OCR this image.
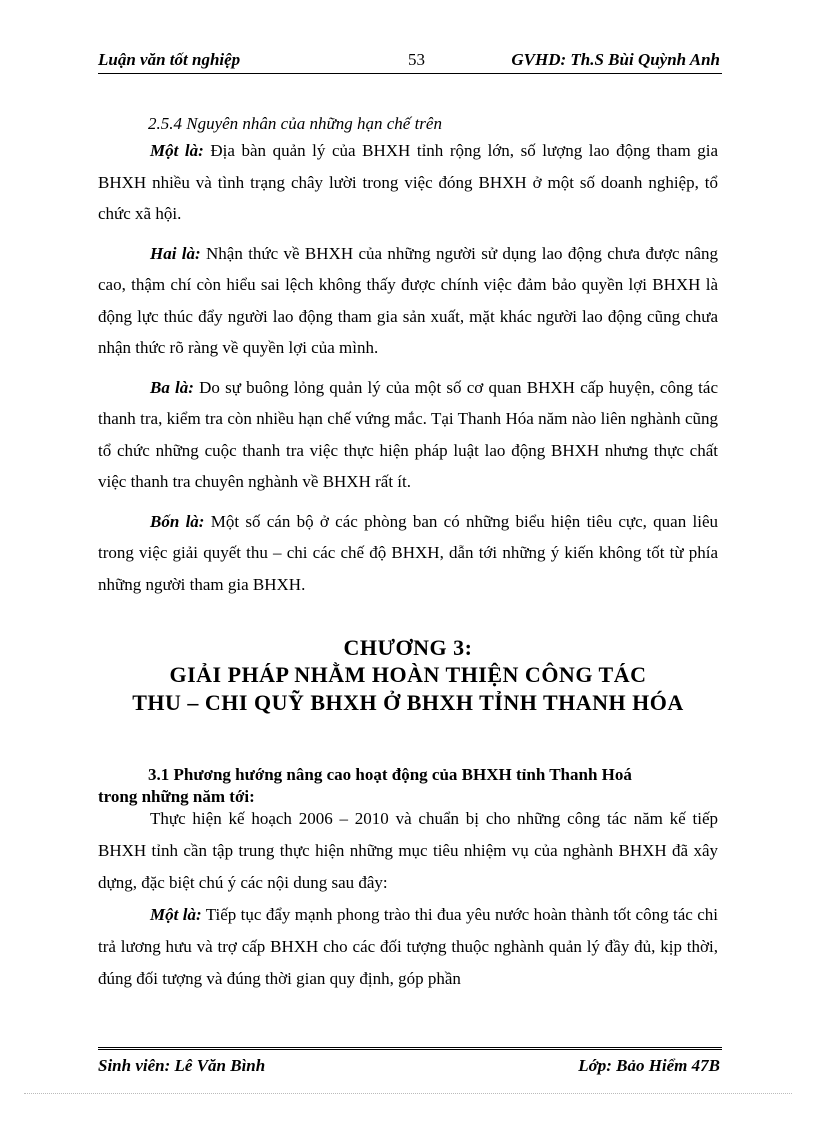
Luận văn tốt nghiệp	53	GVHD: Th.S Bùi Quỳnh Anh

2.5.4 Nguyên nhân của những hạn chế trên

Một là: Địa bàn quản lý của BHXH tỉnh rộng lớn, số lượng lao động tham gia BHXH nhiều và tình trạng chây lười trong việc đóng BHXH ở một số doanh nghiệp, tổ chức xã hội.

Hai là: Nhận thức về BHXH của những người sử dụng lao động chưa được nâng cao, thậm chí còn hiểu sai lệch không thấy được chính việc đảm bảo quyền lợi BHXH là động lực thúc đẩy người lao động tham gia sản xuất, mặt khác người lao động cũng chưa nhận thức rõ ràng về quyền lợi của mình.

Ba là: Do sự buông lỏng quản lý của một số cơ quan BHXH cấp huyện, công tác thanh tra, kiểm tra còn nhiều hạn chế vứng mắc. Tại Thanh Hóa năm nào liên nghành cũng tổ chức những cuộc thanh tra việc thực hiện pháp luật lao động BHXH nhưng thực chất việc thanh tra chuyên nghành về BHXH rất ít.

Bốn là: Một số cán bộ ở các phòng ban có những biểu hiện tiêu cực, quan liêu trong việc giải quyết thu – chi các chế độ BHXH, dẫn tới những ý kiến không tốt từ phía những người tham gia BHXH.

CHƯƠNG 3:
GIẢI PHÁP NHẰM HOÀN THIỆN CÔNG TÁC
THU – CHI QUỸ BHXH Ở BHXH TỈNH THANH HÓA
3.1 Phương hướng nâng cao hoạt động của BHXH tỉnh Thanh Hoá
trong những năm tới:

Thực hiện kế hoạch 2006 – 2010 và chuẩn bị cho những công tác năm kế tiếp BHXH tỉnh cần tập trung thực hiện những mục tiêu nhiệm vụ của nghành BHXH đã xây dựng, đặc biệt chú ý các nội dung sau đây:

Một là: Tiếp tục đẩy mạnh phong trào thi đua yêu nước hoàn thành tốt công tác chi trả lương hưu và trợ cấp BHXH cho các đối tượng thuộc nghành quản lý đầy đủ, kịp thời, đúng đối tượng và đúng thời gian quy định, góp phần

Sinh viên: Lê Văn Bình	Lớp: Bảo Hiểm 47B
